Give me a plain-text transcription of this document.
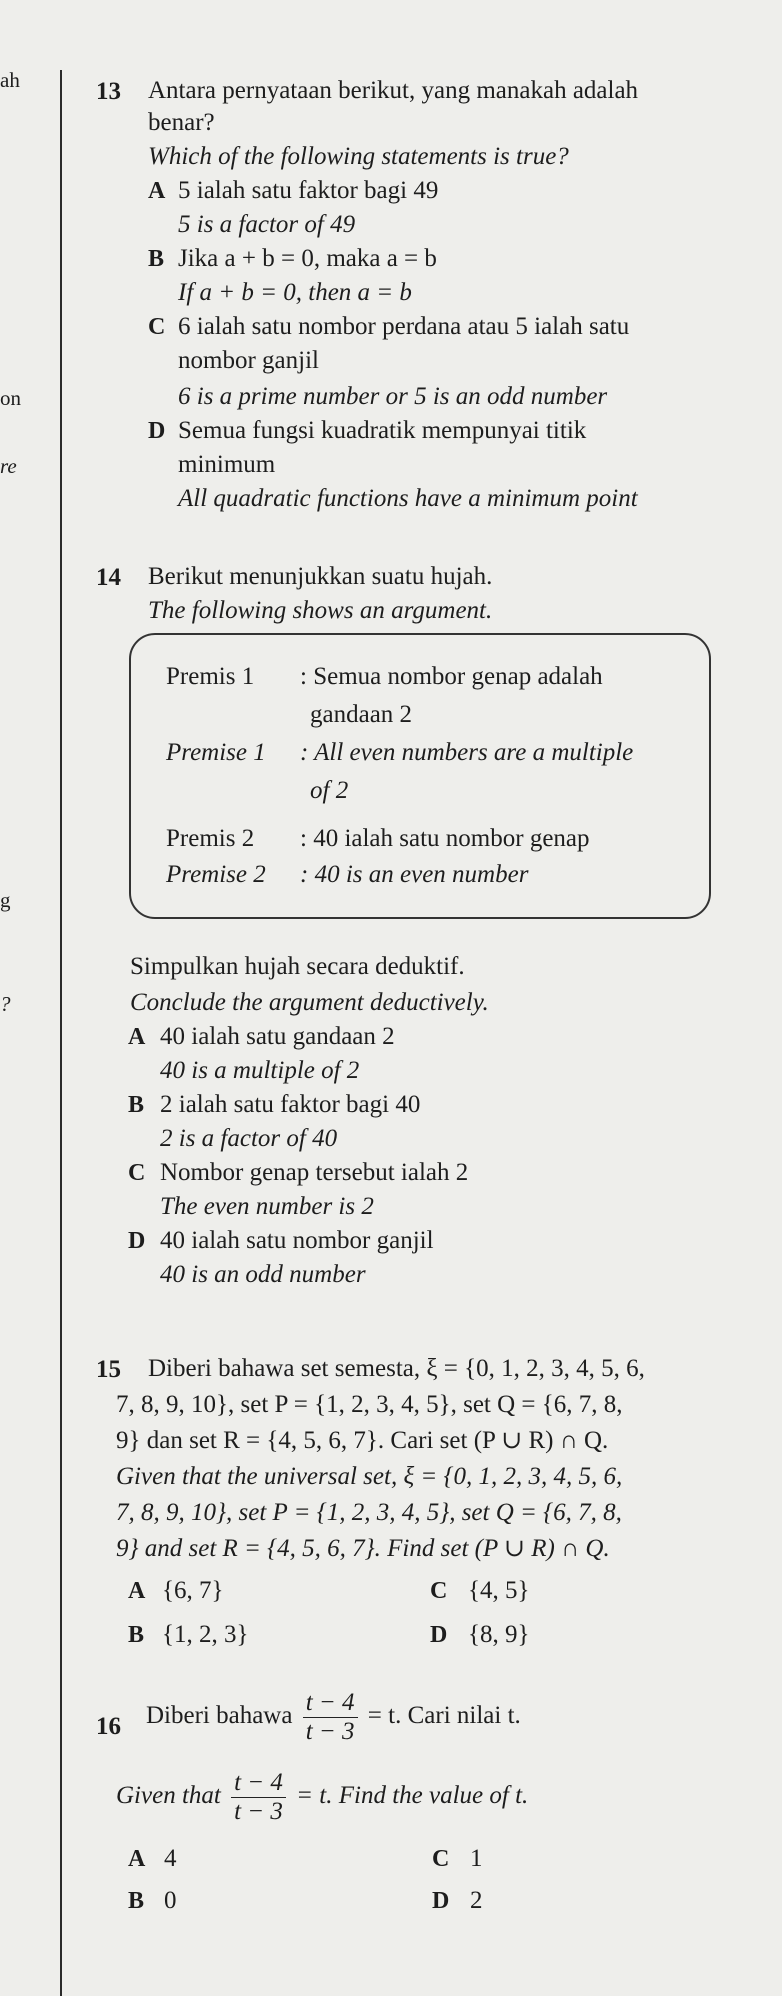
ah
on
re
g
?
13 Antara pernyataan berikut, yang manakah adalah
benar?
Which of the following statements is true?
A 5 ialah satu faktor bagi 49
5 is a factor of 49
B Jika a + b = 0, maka a = b
If a + b = 0, then a = b
C 6 ialah satu nombor perdana atau 5 ialah satu
nombor ganjil
6 is a prime number or 5 is an odd number
D Semua fungsi kuadratik mempunyai titik
minimum
All quadratic functions have a minimum point
14 Berikut menunjukkan suatu hujah.
The following shows an argument.
Premis 1 : Semua nombor genap adalah
gandaan 2
Premise 1 : All even numbers are a multiple
of 2
Premis 2 : 40 ialah satu nombor genap
Premise 2 : 40 is an even number
Simpulkan hujah secara deduktif.
Conclude the argument deductively.
A 40 ialah satu gandaan 2
40 is a multiple of 2
B 2 ialah satu faktor bagi 40
2 is a factor of 40
C Nombor genap tersebut ialah 2
The even number is 2
D 40 ialah satu nombor ganjil
40 is an odd number
15 Diberi bahawa set semesta, ξ = {0, 1, 2, 3, 4, 5, 6,
7, 8, 9, 10}, set P = {1, 2, 3, 4, 5}, set Q = {6, 7, 8,
9} dan set R = {4, 5, 6, 7}. Cari set (P ∪ R) ∩ Q.
Given that the universal set, ξ = {0, 1, 2, 3, 4, 5, 6,
7, 8, 9, 10}, set P = {1, 2, 3, 4, 5}, set Q = {6, 7, 8,
9} and set R = {4, 5, 6, 7}. Find set (P ∪ R) ∩ Q.
A {6, 7}	C {4, 5}
B {1, 2, 3}	D {8, 9}
16 Diberi bahawa $\frac{t - 4}{t - 3} = t$. Cari nilai t.
Given that $\frac{t - 4}{t - 3} = t$. Find the value of t.
A 4	C 1
B 0	D 2
